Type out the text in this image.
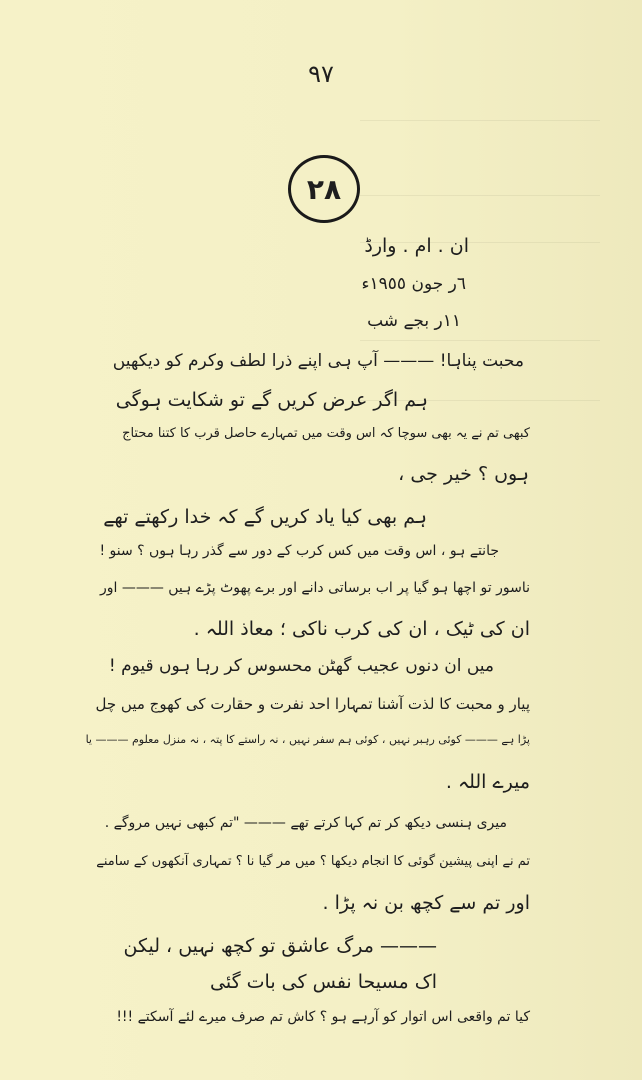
٩٧
٢٨
ان . ام . وارڈ
٦ر جون ١٩٥٥ء
١١ر بجے شب
محبت پناہا! ——— آپ ہی اپنے ذرا لطف وکرم کو دیکھیں
ہم اگر عرض کریں گے تو شکایت ہوگی
کبھی تم نے یہ بھی سوچا کہ اس وقت میں تمہارے حاصل قرب کا کتنا محتاج
ہوں ؟ خیر جی ،
ہم بھی کیا یاد کریں گے کہ خدا رکھتے تھے
جانتے ہو ، اس وقت میں کس کرب کے دور سے گذر رہا ہوں ؟ سنو !
ناسور تو اچھا ہو گیا پر اب برساتی دانے اور برے پھوٹ پڑے ہیں ——— اور
ان کی ٹیک ، ان کی کرب ناکی ؛ معاذ اللہ .
میں ان دنوں عجیب گھٹن محسوس کر رہا ہوں قیوم !
پیار و محبت کا لذت آشنا تمہارا احد نفرت و حقارت کی کھوج میں چل
پڑا ہے ——— کوئی رہبر نہیں ، کوئی ہم سفر نہیں ، نہ راستے کا پتہ ، نہ منزل معلوم ——— یا
میرے اللہ .
میری ہنسی دیکھ کر تم کہا کرتے تھے ——— "تم کبھی نہیں مروگے .
تم نے اپنی پیشین گوئی کا انجام دیکھا ؟ میں مر گیا نا ؟ تمہاری آنکھوں کے سامنے
اور تم سے کچھ بن نہ پڑا .
——— مرگ عاشق تو کچھ نہیں ، لیکن
اک مسیحا نفس کی بات گئی
کیا تم واقعی اس اتوار کو آرہے ہو ؟ کاش تم صرف میرے لئے آسکتے !!!
